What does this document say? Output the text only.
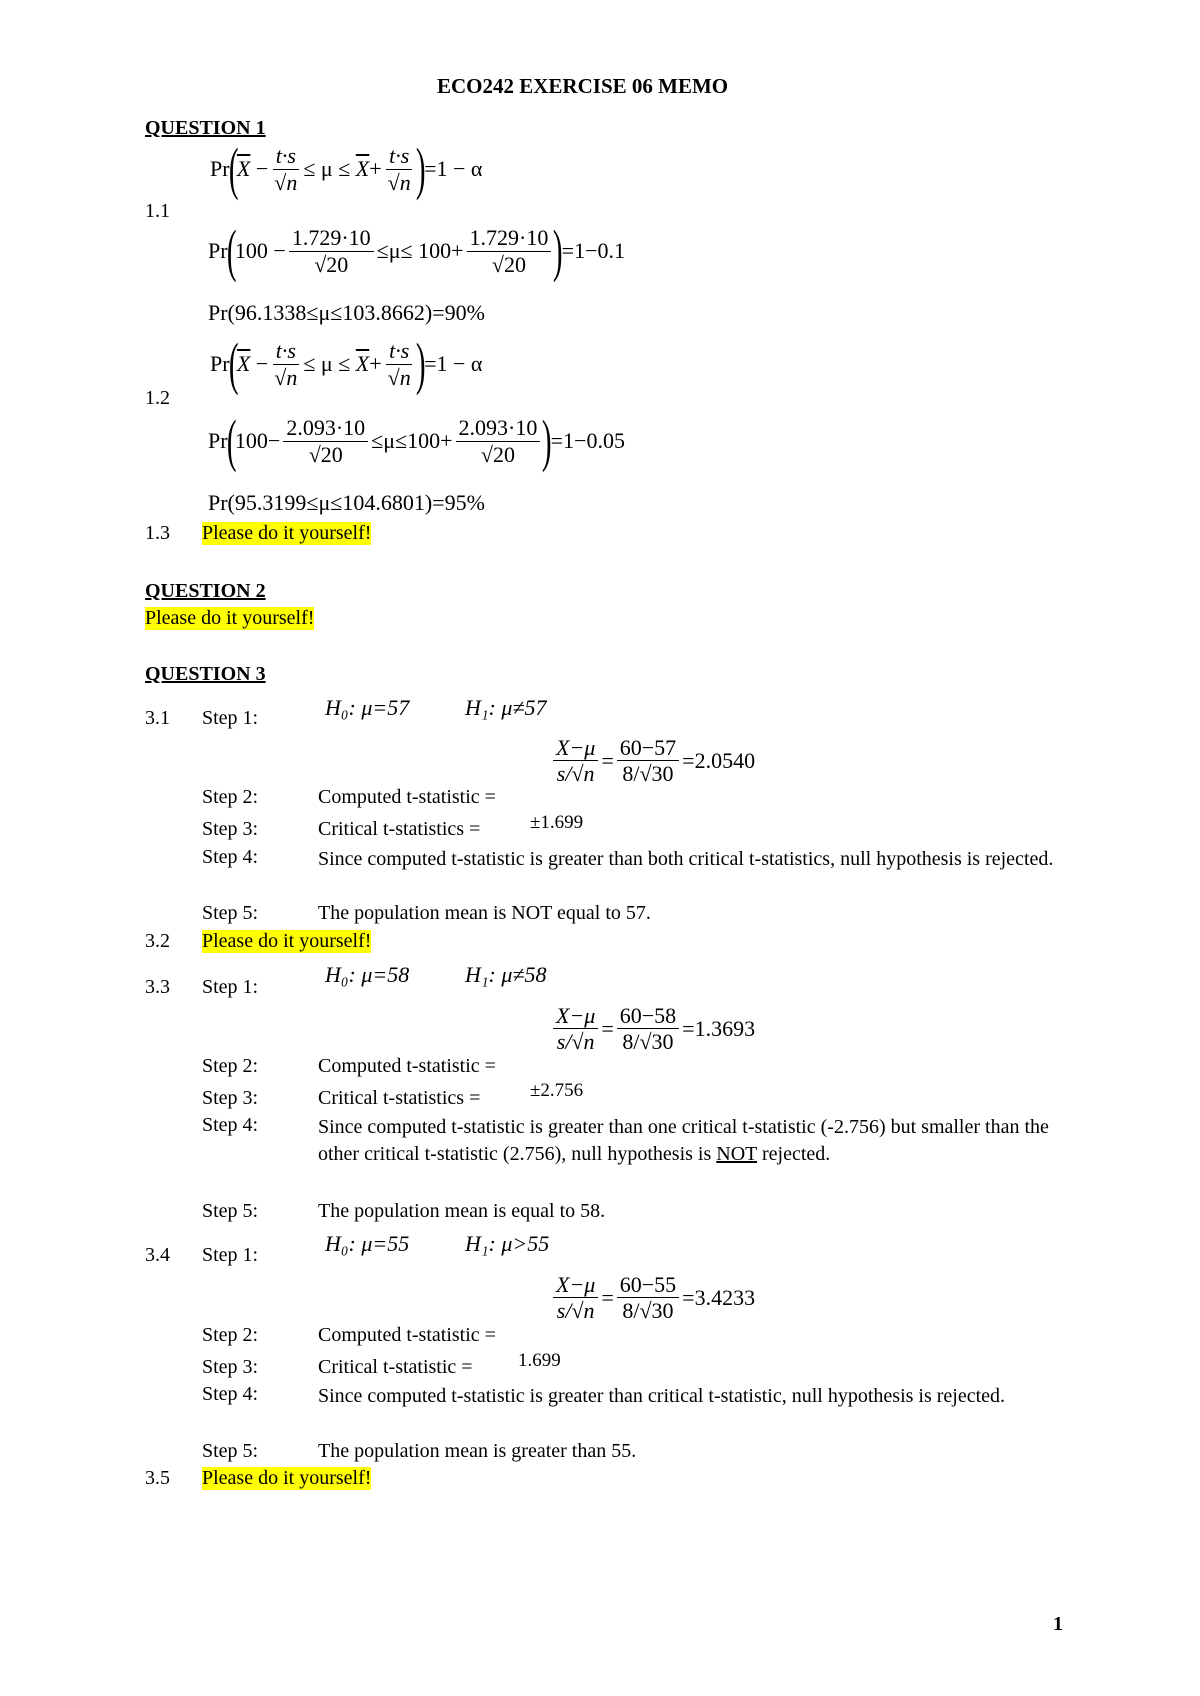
ECO242 EXERCISE 06 MEMO
QUESTION 1
Pr
(
$\overline{X} - \frac{t\cdot s}{√n} \le \mu$ ≤
$\overline{X} + \frac{t\cdot s}{√n}$ )
=1 − α
1.1
Pr
(
$100 - \frac{1.729\cdot 10}{√20} \le\mu\le 100+ \frac{1.729\cdot 10}{√20}$ )
=1−0.1
Pr(96.1338≤μ≤103.8662)=90%
Pr
(
$\overline{X} - \frac{t\cdot s}{√n} \le \mu$ ≤
$\overline{X} + \frac{t\cdot s}{√n}$ )
=1 − α
1.2
Pr
(
$100- \frac{2.093\cdot 10}{√20} \le\mu\le 100+ \frac{2.093\cdot 10}{√20}$ )
=1−0.05
Pr(95.3199≤μ≤104.6801)=95%
1.3 Please do it yourself!
QUESTION 2
Please do it yourself!
QUESTION 3
3.1 Step 1:	H₀: μ=57	H₁: μ≠57
$\frac{X-\mu}{s/√n} = \frac{60-57}{8/√30} =2.0540$
Step 2:	Computed t-statistic =
Step 3:	Critical t-statistics =	±1.699
Step 4:	Since computed t-statistic is greater than both critical t-statistics, null hypothesis is rejected.
Step 5:	The population mean is NOT equal to 57.
3.2 Please do it yourself!
3.3 Step 1:	H₀: μ=58	H₁: μ≠58
$\frac{X-\mu}{s/√n} = \frac{60-58}{8/√30} =1.3693$
Step 2:	Computed t-statistic =
Step 3:	Critical t-statistics =	±2.756
Step 4:	Since computed t-statistic is greater than one critical t-statistic (-2.756) but smaller than the other critical t-statistic (2.756), null hypothesis is NOT rejected.
Step 5:	The population mean is equal to 58.
3.4 Step 1:	H₀: μ=55	H₁: μ>55
$\frac{X-\mu}{s/√n} = \frac{60-55}{8/√30} =3.4233$
Step 2:	Computed t-statistic =
Step 3:	Critical t-statistic = 1.699
Step 4:	Since computed t-statistic is greater than critical t-statistic, null hypothesis is rejected.
Step 5:	The population mean is greater than 55.
3.5 Please do it yourself!
1
